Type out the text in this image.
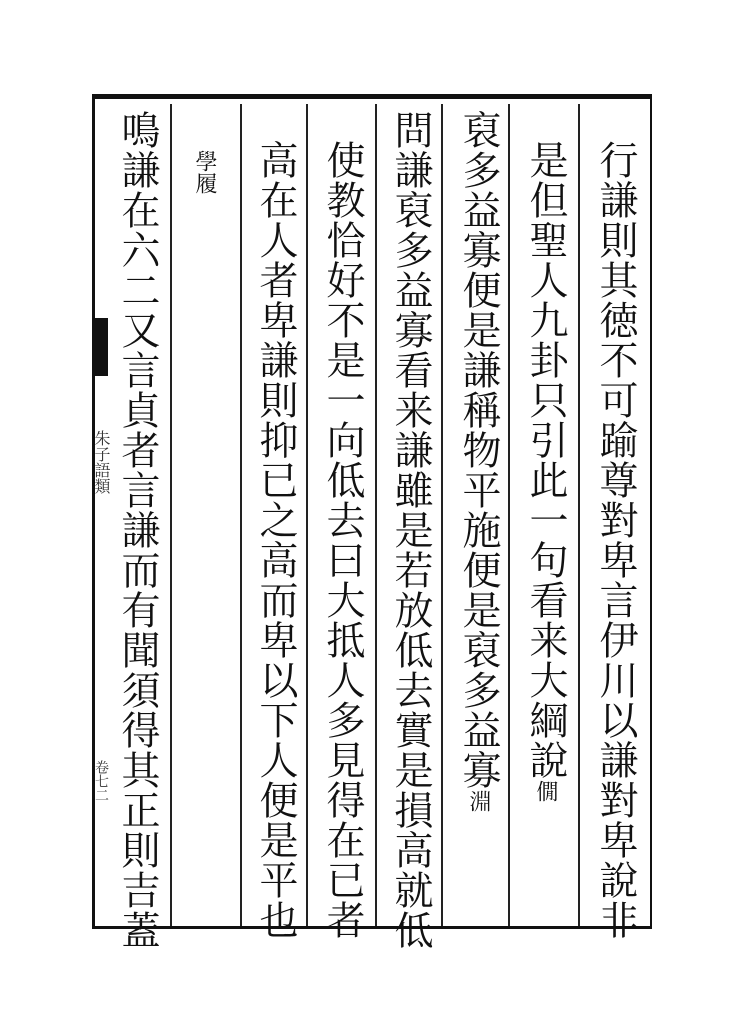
行謙則其徳不可踰尊對卑言伊川以謙對卑說非
是但聖人九卦只引此一句看来大綱說僩
裒多益寡便是謙稱物平施便是裒多益寡淵
問謙裒多益寡看来謙雖是若放低去實是損高就低
使教恰好不是一向低去曰大抵人多見得在已者
高在人者卑謙則抑已之高而卑以下人便是平也
學履
鳴謙在六二又言貞者言謙而有聞須得其正則吉蓋
朱子語類
卷七二
